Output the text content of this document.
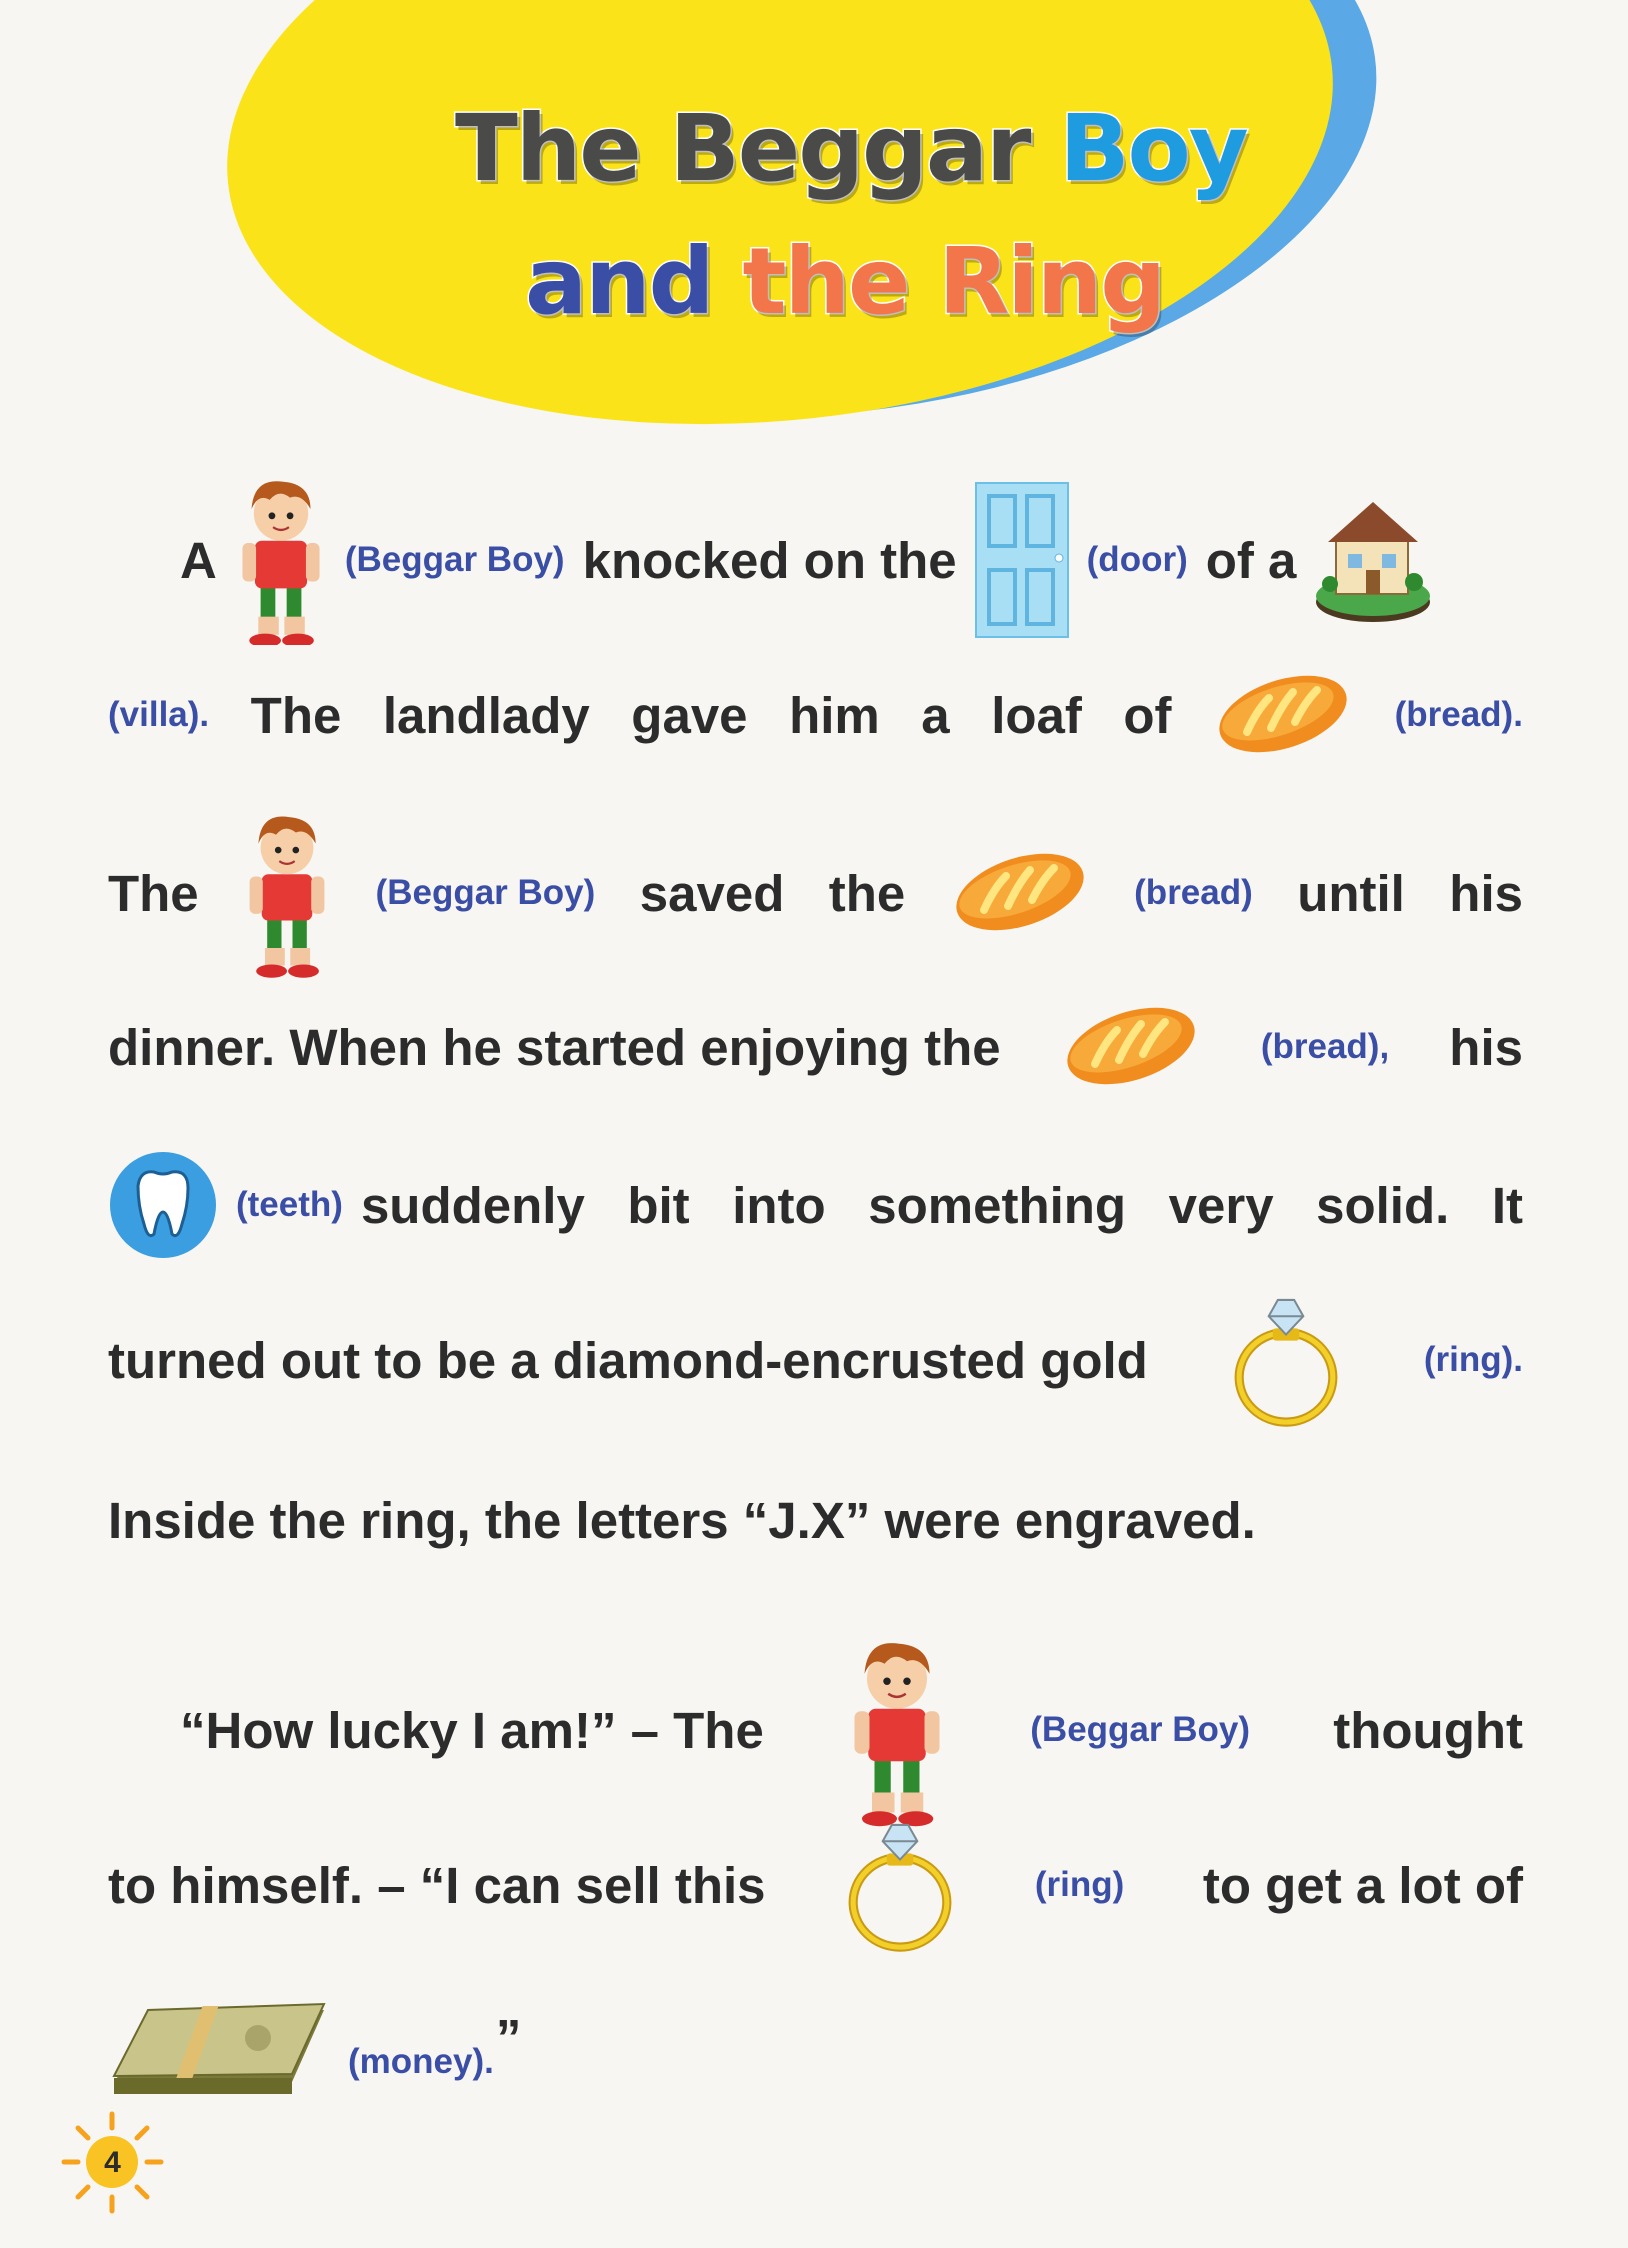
The Beggar Boy
and the Ring
A	(Beggar Boy) knocked on the	(door) of a
(villa). The landlady gave him a loaf of	(bread).
The	(Beggar Boy) saved the	(bread) until his
dinner. When he started enjoying the	(bread), his
(teeth) suddenly bit into something very solid. It
turned out to be a diamond-encrusted gold	(ring).
Inside the ring, the letters “J.X” were engraved.
“How lucky I am!” – The	(Beggar Boy) thought
to himself. – “I can sell this	(ring) to get a lot of
(money). ”
4
